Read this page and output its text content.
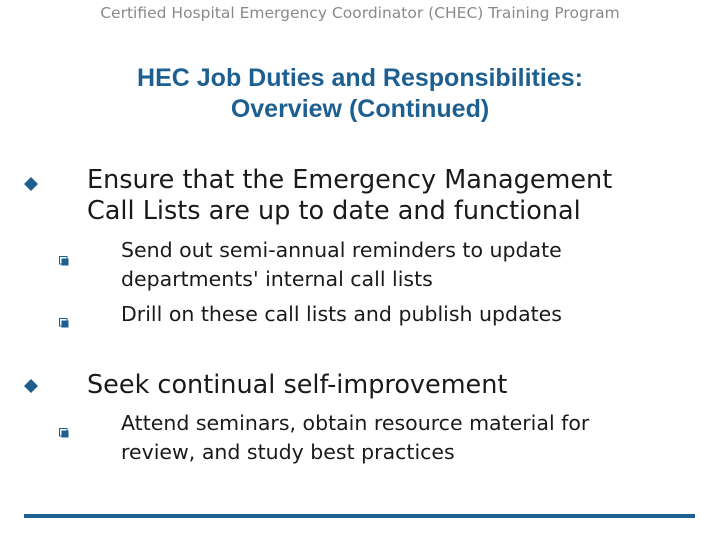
Certified Hospital Emergency Coordinator (CHEC) Training Program
HEC Job Duties and Responsibilities:
Overview (Continued)
Ensure that the Emergency Management
Call Lists are up to date and functional
Send out semi-annual reminders to update
departments' internal call lists
Drill on these call lists and publish updates
Seek continual self-improvement
Attend seminars, obtain resource material for
review, and study best practices
